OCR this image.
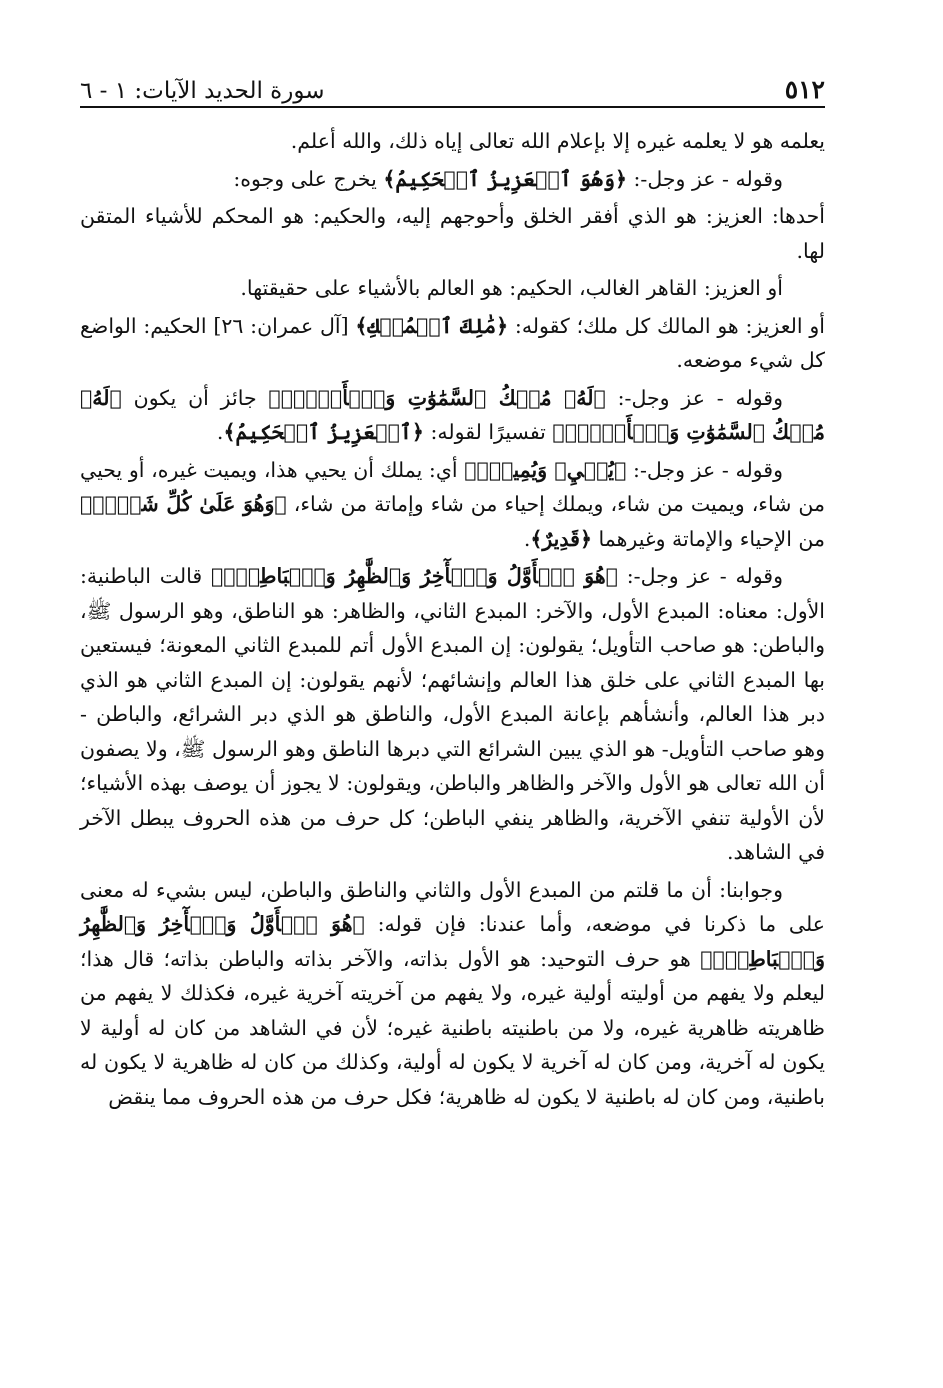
٥١٢
سورة الحديد الآيات: ١ - ٦

يعلمه هو لا يعلمه غيره إلا بإعلام الله تعالى إياه ذلك، والله أعلم.

وقوله - عز وجل-: ﴿وَهُوَ ٱلۡعَزِيزُ ٱلۡحَكِيمُ﴾ يخرج على وجوه:

أحدها: العزيز: هو الذي أفقر الخلق وأحوجهم إليه، والحكيم: هو المحكم للأشياء المتقن لها.

أو العزيز: القاهر الغالب، الحكيم: هو العالم بالأشياء على حقيقتها.

أو العزيز: هو المالك كل ملك؛ كقوله: ﴿مَٰلِكَ ٱلۡمُلۡكِ﴾ [آل عمران: ٢٦] الحكيم: الواضع كل شيء موضعه.

وقوله - عز وجل-: ﴿لَهُۥ مُلۡكُ ٱلسَّمَٰوَٰتِ وَٱلۡأَرۡضِۖ﴾ جائز أن يكون ﴿لَهُۥ مُلۡكُ ٱلسَّمَٰوَٰتِ وَٱلۡأَرۡضِۖ﴾ تفسيرًا لقوله: ﴿ٱلۡعَزِيزُ ٱلۡحَكِيمُ﴾.

وقوله - عز وجل-: ﴿يُحۡيِۦ وَيُمِيتُۖ﴾ أي: يملك أن يحيي هذا، ويميت غيره، أو يحيي من شاء، ويميت من شاء، ويملك إحياء من شاء وإماتة من شاء، ﴿وَهُوَ عَلَىٰ كُلِّ شَيۡءٖ﴾ من الإحياء والإماتة وغيرهما ﴿قَدِيرٌ﴾.

وقوله - عز وجل-: ﴿هُوَ ٱلۡأَوَّلُ وَٱلۡأٓخِرُ وَٱلظَّٰهِرُ وَٱلۡبَاطِنُۖ﴾ قالت الباطنية: الأول: معناه: المبدع الأول، والآخر: المبدع الثاني، والظاهر: هو الناطق، وهو الرسول ﷺ، والباطن: هو صاحب التأويل؛ يقولون: إن المبدع الأول أتم للمبدع الثاني المعونة؛ فيستعين بها المبدع الثاني على خلق هذا العالم وإنشائهم؛ لأنهم يقولون: إن المبدع الثاني هو الذي دبر هذا العالم، وأنشأهم بإعانة المبدع الأول، والناطق هو الذي دبر الشرائع، والباطن - وهو صاحب التأويل- هو الذي يبين الشرائع التي دبرها الناطق وهو الرسول ﷺ، ولا يصفون أن الله تعالى هو الأول والآخر والظاهر والباطن، ويقولون: لا يجوز أن يوصف بهذه الأشياء؛ لأن الأولية تنفي الآخرية، والظاهر ينفي الباطن؛ كل حرف من هذه الحروف يبطل الآخر في الشاهد.

وجوابنا: أن ما قلتم من المبدع الأول والثاني والناطق والباطن، ليس بشيء له معنى على ما ذكرنا في موضعه، وأما عندنا: فإن قوله: ﴿هُوَ ٱلۡأَوَّلُ وَٱلۡأٓخِرُ وَٱلظَّٰهِرُ وَٱلۡبَاطِنُۖ﴾ هو حرف التوحيد: هو الأول بذاته، والآخر بذاته والباطن بذاته؛ قال هذا؛ ليعلم ولا يفهم من أوليته أولية غيره، ولا يفهم من آخريته آخرية غيره، فكذلك لا يفهم من ظاهريته ظاهرية غيره، ولا من باطنيته باطنية غيره؛ لأن في الشاهد من كان له أولية لا يكون له آخرية، ومن كان له آخرية لا يكون له أولية، وكذلك من كان له ظاهرية لا يكون له باطنية، ومن كان له باطنية لا يكون له ظاهرية؛ فكل حرف من هذه الحروف مما ينقض
